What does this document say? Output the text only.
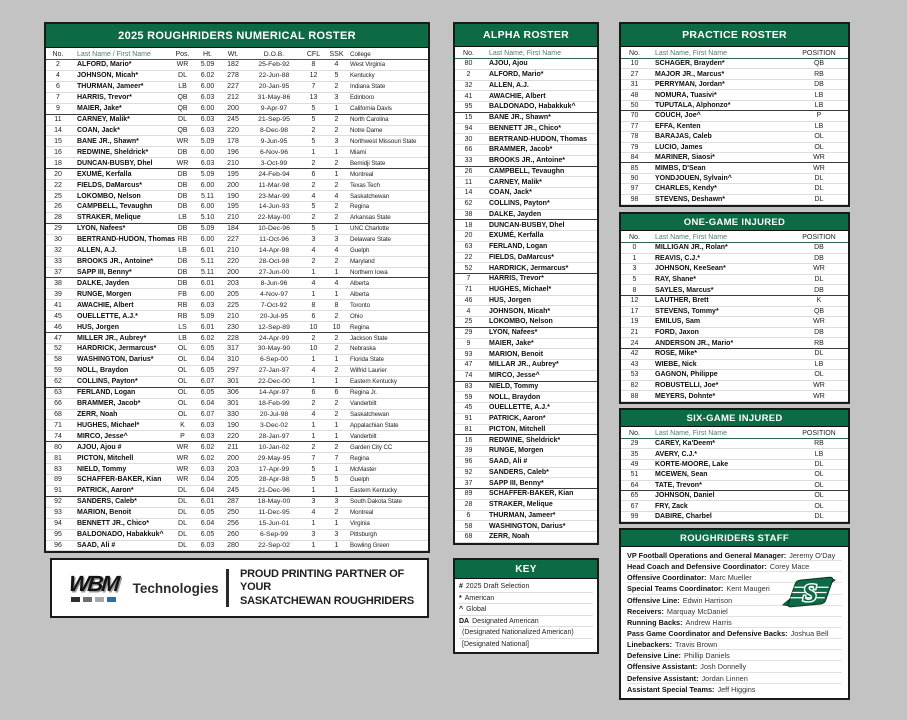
2025 ROUGHRIDERS NUMERICAL ROSTER
No.	Last Name / First Name	Pos.	Ht.	Wt.	D.O.B.	CFL	SSK	College
2	ALFORD, Mario*	WR	5.09	182	25-Feb-92	8	4	West Virginia
4	JOHNSON, Micah*	DL	6.02	278	22-Jun-88	12	5	Kentucky
6	THURMAN, Jameer*	LB	6.00	227	20-Jan-95	7	2	Indiana State
7	HARRIS, Trevor*	QB	6.03	212	31-May-86	13	3	Edinboro
9	MAIER, Jake*	QB	6.00	200	9-Apr-97	5	1	California Davis
11	CARNEY, Malik*	DL	6.03	245	21-Sep-95	5	2	North Carolina
14	COAN, Jack*	QB	6.03	220	8-Dec-98	2	2	Notre Dame
15	BANE JR., Shawn*	WR	5.09	178	9-Jun-95	5	3	Northwest Missouri State
16	REDWINE, Sheldrick*	DB	6.00	196	6-Nov-96	1	1	Miami
18	DUNCAN-BUSBY, Dhel	WR	6.03	210	3-Oct-99	2	2	Bemidji State
20	EXUMÉ, Kerfalla	DB	5.09	195	24-Feb-94	6	1	Montreal
22	FIELDS, DaMarcus*	DB	6.00	200	11-Mar-98	2	2	Texas Tech
25	LOKOMBO, Nelson	DB	5.11	190	23-Mar-99	4	4	Saskatchewan
26	CAMPBELL, Tevaughn	DB	6.00	195	14-Jun-93	5	2	Regina
28	STRAKER, Melique	LB	5.10	210	22-May-00	2	2	Arkansas State
29	LYON, Nafees*	DB	5.09	184	10-Dec-96	5	1	UNC Charlotte
30	BERTRAND-HUDON, Thomas RB	6.00	227	11-Oct-96	3	3	Delaware State
32	ALLEN, A.J.	LB	6.01	210	14-Apr-98	4	4	Guelph
33	BROOKS JR., Antoine*	DB	5.11	220	28-Oct-98	2	2	Maryland
37	SAPP III, Benny*	DB	5.11	200	27-Jun-00	1	1	Northern Iowa
38	DALKE, Jayden	DB	6.01	203	8-Jun-96	4	4	Alberta
39	RUNGE, Morgen	FB	6.00	205	4-Nov-97	1	1	Alberta
41	AWACHIE, Albert	RB	6.03	225	7-Oct-92	8	8	Toronto
45	OUELLETTE, A.J.*	RB	5.09	210	20-Jul-95	6	2	Ohio
46	HUS, Jorgen	LS	6.01	230	12-Sep-89	10	10	Regina
47	MILLER JR., Aubrey*	LB	6.02	228	24-Apr-99	2	2	Jackson State
52	HARDRICK, Jermarcus*	OL	6.05	317	30-May-90	10	2	Nebraska
58	WASHINGTON, Darius*	OL	6.04	310	6-Sep-00	1	1	Florida State
59	NOLL, Braydon	OL	6.05	297	27-Jan-97	4	2	Wilfrid Laurier
62	COLLINS, Payton*	OL	6.07	301	22-Dec-00	1	1	Eastern Kentucky
63	FERLAND, Logan	OL	6.05	306	14-Apr-97	6	6	Regina Jr.
66	BRAMMER, Jacob*	OL	6.04	301	18-Feb-99	2	2	Vanderbilt
68	ZERR, Noah	OL	6.07	330	20-Jul-98	4	2	Saskatchewan
71	HUGHES, Michael*	K	6.03	190	3-Dec-02	1	1	Appalachian State
74	MIRCO, Jesse^	P	6.03	220	28-Jan-97	1	1	Vanderbilt
80	AJOU, Ajou #	WR	6.02	211	10-Jan-02	2	2	Garden City CC
81	PICTON, Mitchell	WR	6.02	200	29-May-95	7	7	Regina
83	NIELD, Tommy	WR	6.03	203	17-Apr-99	5	1	McMaster
89	SCHAFFER-BAKER, Kian	WR	6.04	205	28-Apr-98	5	5	Guelph
91	PATRICK, Aaron*	DL	6.04	245	21-Dec-96	1	1	Eastern Kentucky
92	SANDERS, Caleb*	DL	6.01	287	18-May-00	3	3	South Dakota State
93	MARION, Benoit	DL	6.05	250	11-Dec-95	4	2	Montreal
94	BENNETT JR., Chico*	DL	6.04	256	15-Jun-01	1	1	Virginia
95	BALDONADO, Habakkuk^	DL	6.05	260	6-Sep-99	3	3	Pittsburgh
96	SAAD, Ali #	DL	6.03	280	22-Sep-02	1	1	Bowling Green
WBM Technologies
PROUD PRINTING PARTNER OF YOUR
SASKATCHEWAN ROUGHRIDERS
ALPHA ROSTER
No.	Last Name, First Name
80	AJOU, Ajou
2	ALFORD, Mario*
32	ALLEN, A.J.
41	AWACHIE, Albert
95	BALDONADO, Habakkuk^
15	BANE JR., Shawn*
94	BENNETT JR., Chico*
30	BERTRAND-HUDON, Thomas
66	BRAMMER, Jacob*
33	BROOKS JR., Antoine*
26	CAMPBELL, Tevaughn
11	CARNEY, Malik*
14	COAN, Jack*
62	COLLINS, Payton*
38	DALKE, Jayden
18	DUNCAN-BUSBY, Dhel
20	EXUMÉ, Kerfalla
63	FERLAND, Logan
22	FIELDS, DaMarcus*
52	HARDRICK, Jermarcus*
7	HARRIS, Trevor*
71	HUGHES, Michael*
46	HUS, Jorgen
4	JOHNSON, Micah*
25	LOKOMBO, Nelson
29	LYON, Nafees*
9	MAIER, Jake*
93	MARION, Benoit
47	MILLAR JR., Aubrey*
74	MIRCO, Jesse^
83	NIELD, Tommy
59	NOLL, Braydon
45	OUELLETTE, A.J.*
91	PATRICK, Aaron*
81	PICTON, Mitchell
16	REDWINE, Sheldrick*
39	RUNGE, Morgen
96	SAAD, Ali #
92	SANDERS, Caleb*
37	SAPP III, Benny*
89	SCHAFFER-BAKER, Kian
28	STRAKER, Melique
6	THURMAN, Jameer*
58	WASHINGTON, Darius*
68	ZERR, Noah
KEY
# 2025 Draft Selection
* American
^ Global
DA Designated American
(Designated Nationalized American)
[Designated National]
PRACTICE ROSTER
No.	Last Name, First Name	POSITION
10	SCHAGER, Brayden*	QB
27	MAJOR JR., Marcus*	RB
31	PERRYMAN, Jordan*	DB
48	NOMURA, Tuasivi*	LB
50	TUPUTALA, Alphonzo*	LB
70	COUCH, Joe^	P
77	EFFA, Kenten	LB
78	BARAJAS, Caleb	OL
79	LUCIO, James	OL
84	MARINER, Siaosi*	WR
85	MIMBS, D'Sean	WR
90	YONDJOUEN, Sylvain^	DL
97	CHARLES, Kendy*	DL
98	STEVENS, Deshawn*	DL
ONE-GAME INJURED
No.	Last Name, First Name	POSITION
0	MILLIGAN JR., Rolan*	DB
1	REAVIS, C.J.*	DB
3	JOHNSON, KeeSean*	WR
5	RAY, Shane*	DL
8	SAYLES, Marcus*	DB
12	LAUTHER, Brett	K
17	STEVENS, Tommy*	QB
19	EMILUS, Sam	WR
21	FORD, Jaxon	DB
24	ANDERSON JR., Mario*	RB
42	ROSE, Mike*	DL
43	WIEBE, Nick	LB
53	GAGNON, Philippe	OL
82	ROBUSTELLI, Joe*	WR
88	MEYERS, Dohnte*	WR
SIX-GAME INJURED
No.	Last Name, First Name	POSITION
29	CAREY, Ka'Deem*	RB
35	AVERY, C.J.*	LB
49	KORTE-MOORE, Lake	DL
51	MCEWEN, Sean	OL
64	TATE, Trevon*	OL
65	JOHNSON, Daniel	OL
67	FRY, Zack	OL
99	DABIRE, Charbel	DL
ROUGHRIDERS STAFF
VP Football Operations and General Manager: Jeremy O'Day
Head Coach and Defensive Coordinator: Corey Mace
Offensive Coordinator: Marc Mueller
Special Teams Coordinator: Kent Maugeri
Offensive Line: Edwin Harrison
Receivers: Marquay McDaniel
Running Backs: Andrew Harris
Pass Game Coordinator and Defensive Backs: Joshua Bell
Linebackers: Travis Brown
Defensive Line: Phillip Daniels
Offensive Assistant: Josh Donnelly
Defensive Assistant: Jordan Linnen
Assistant Special Teams: Jeff Higgins
S
